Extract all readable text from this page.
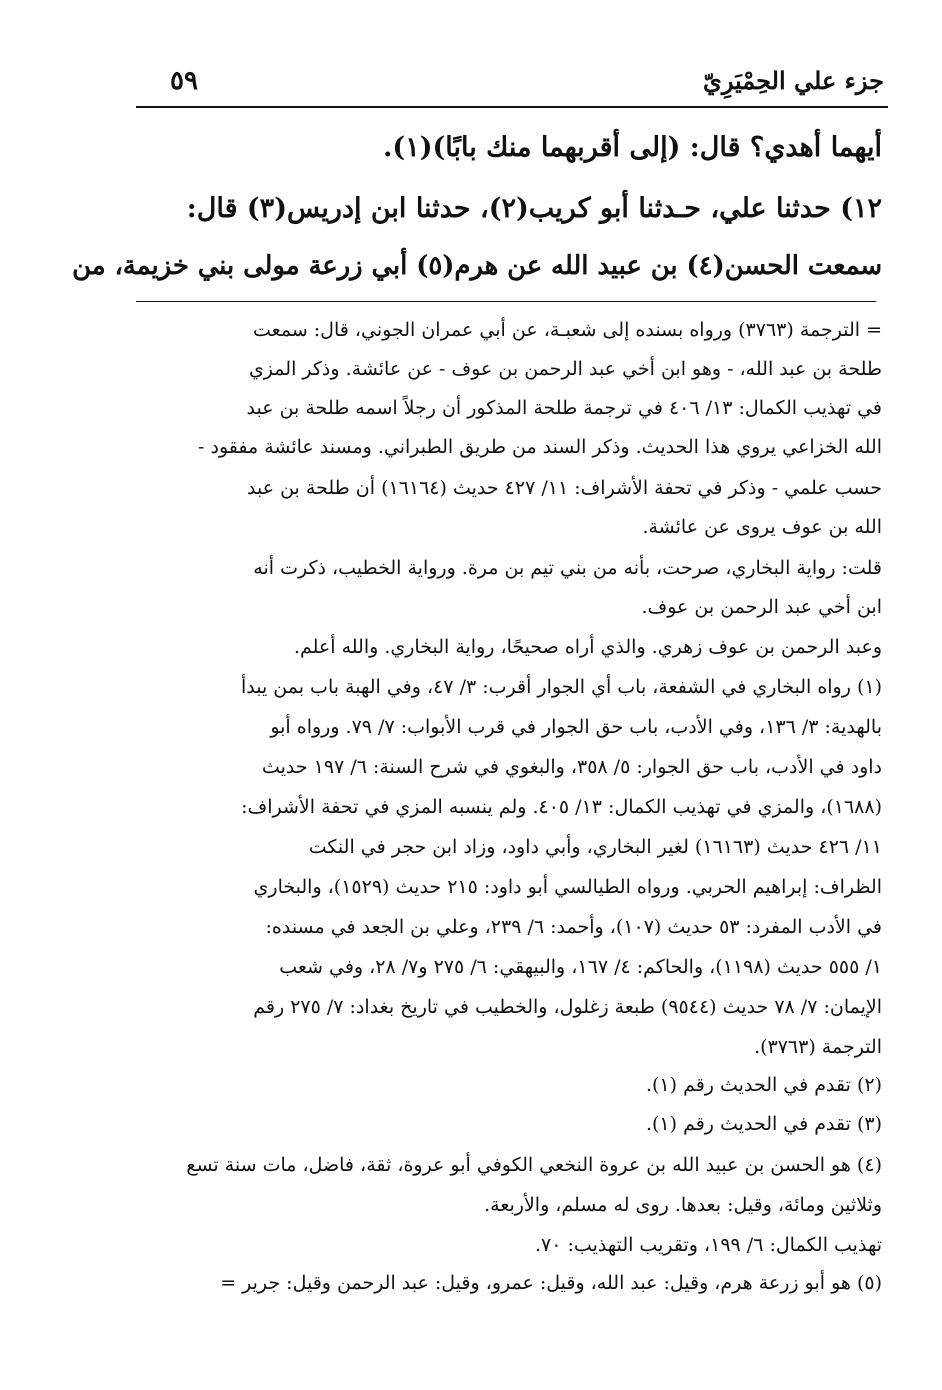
جزء علي الحِمْيَرِيّ
٥٩
أيهما أهدي؟ قال: (إلى أقربهما منك بابًا)(١).
١٢) حدثنا علي، حـدثنا أبو كريب(٢)، حدثنا ابن إدريس(٣) قال:
سمعت الحسن(٤) بن عبيد الله عن هرم(٥) أبي زرعة مولى بني خزيمة، من
= الترجمة (٣٧٦٣) ورواه بسنده إلى شعبـة، عن أبي عمران الجوني، قال: سمعت
طلحة بن عبد الله، - وهو ابن أخي عبد الرحمن بن عوف - عن عائشة. وذكر المزي
في تهذيب الكمال: ١٣/ ٤٠٦ في ترجمة طلحة المذكور أن رجلاً اسمه طلحة بن عبد
الله الخزاعي يروي هذا الحديث. وذكر السند من طريق الطبراني. ومسند عائشة مفقود -
حسب علمي - وذكر في تحفة الأشراف: ١١/ ٤٢٧ حديث (١٦١٦٤) أن طلحة بن عبد
الله بن عوف يروى عن عائشة.
قلت: رواية البخاري، صرحت، بأنه من بني تيم بن مرة. ورواية الخطيب، ذكرت أنه
ابن أخي عبد الرحمن بن عوف.
وعبد الرحمن بن عوف زهري. والذي أراه صحيحًا، رواية البخاري. والله أعلم.
(١) رواه البخاري في الشفعة، باب أي الجوار أقرب: ٣/ ٤٧، وفي الهبة باب بمن يبدأ
بالهدية: ٣/ ١٣٦، وفي الأدب، باب حق الجوار في قرب الأبواب: ٧/ ٧٩. ورواه أبو
داود في الأدب، باب حق الجوار: ٥/ ٣٥٨، والبغوي في شرح السنة: ٦/ ١٩٧ حديث
(١٦٨٨)، والمزي في تهذيب الكمال: ١٣/ ٤٠٥. ولم ينسبه المزي في تحفة الأشراف:
١١/ ٤٢٦ حديث (١٦١٦٣) لغير البخاري، وأبي داود، وزاد ابن حجر في النكت
الظراف: إبراهيم الحربي. ورواه الطيالسي أبو داود: ٢١٥ حديث (١٥٢٩)، والبخاري
في الأدب المفرد: ٥٣ حديث (١٠٧)، وأحمد: ٦/ ٢٣٩، وعلي بن الجعد في مسنده:
١/ ٥٥٥ حديث (١١٩٨)، والحاكم: ٤/ ١٦٧، والبيهقي: ٦/ ٢٧٥ و٧/ ٢٨، وفي شعب
الإيمان: ٧/ ٧٨ حديث (٩٥٤٤) طبعة زغلول، والخطيب في تاريخ بغداد: ٧/ ٢٧٥ رقم
الترجمة (٣٧٦٣).
(٢) تقدم في الحديث رقم (١).
(٣) تقدم في الحديث رقم (١).
(٤) هو الحسن بن عبيد الله بن عروة النخعي الكوفي أبو عروة، ثقة، فاضل، مات سنة تسع
وثلاثين ومائة، وقيل: بعدها. روى له مسلم، والأربعة.
تهذيب الكمال: ٦/ ١٩٩، وتقريب التهذيب: ٧٠.
(٥) هو أبو زرعة هرم، وقيل: عبد الله، وقيل: عمرو، وقيل: عبد الرحمن وقيل: جرير =
